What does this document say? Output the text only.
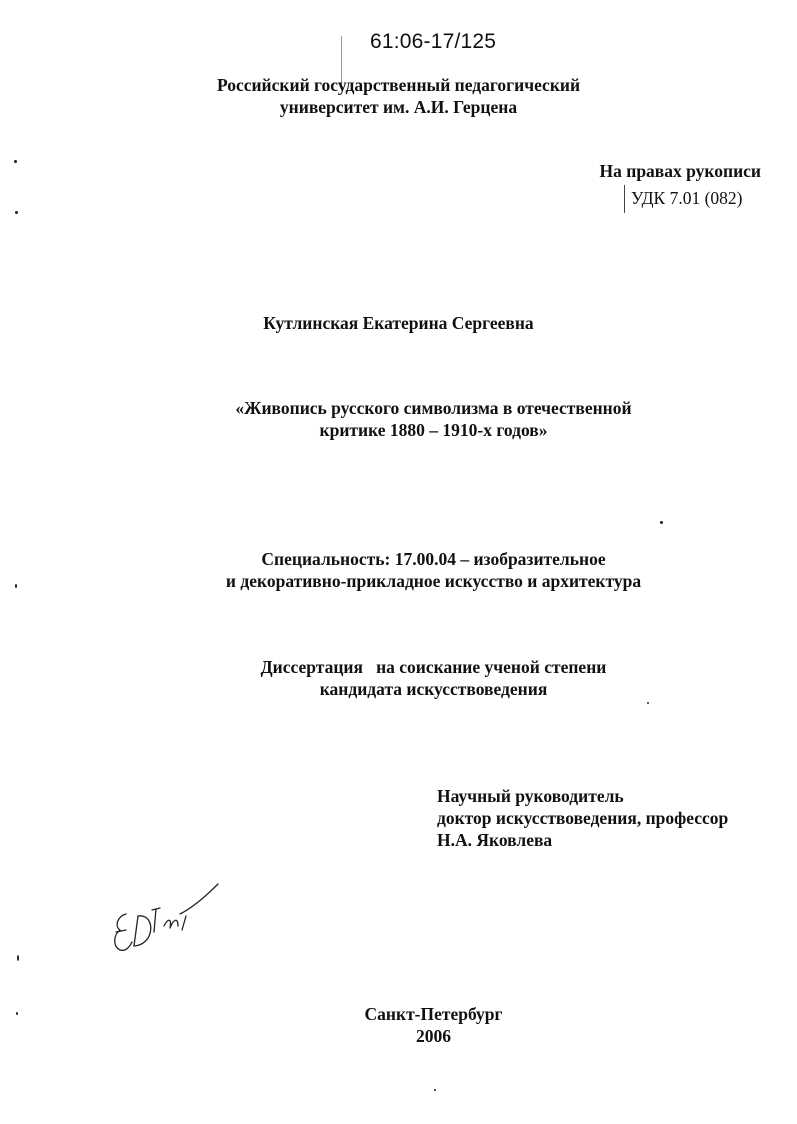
61:06-17/125
Российский государственный педагогический
университет им. А.И. Герцена
На правах рукописи
УДК 7.01 (082)
Кутлинская Екатерина Сергеевна
«Живопись русского символизма в отечественной
критике 1880 – 1910-х годов»
Специальность: 17.00.04 – изобразительное
и декоративно-прикладное искусство и архитектура
Диссертация   на соискание ученой степени
кандидата искусствоведения
Научный руководитель
доктор искусствоведения, профессор
Н.А. Яковлева
Санкт-Петербург
2006
